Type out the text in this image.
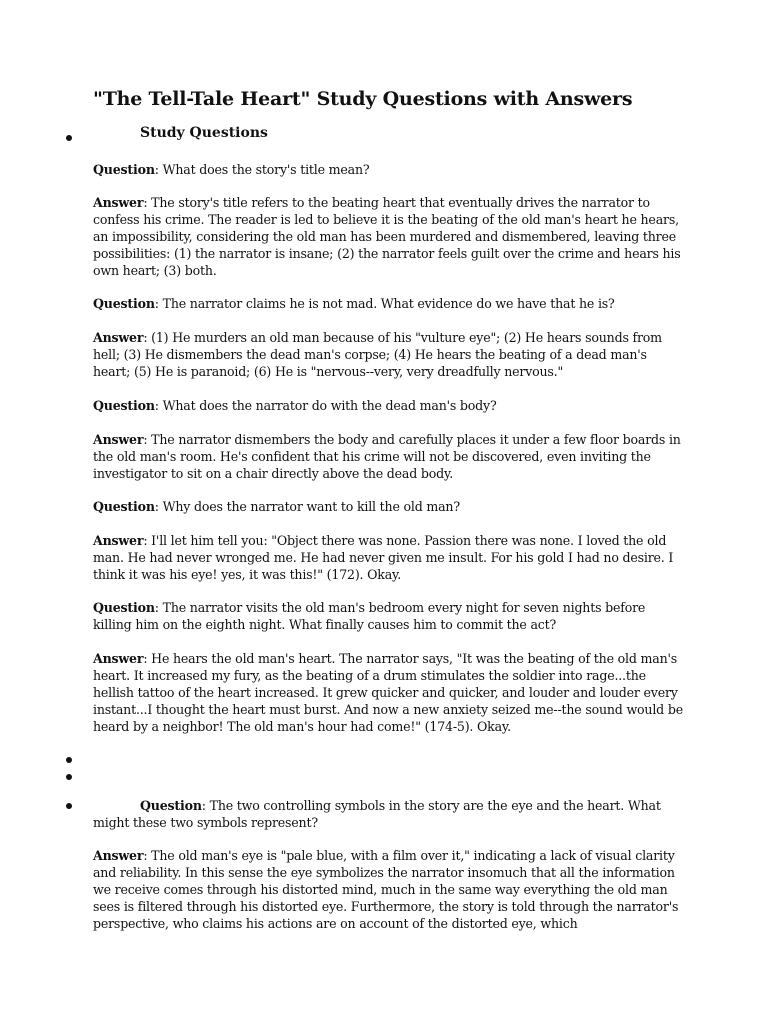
"The Tell-Tale Heart" Study Questions with Answers
Study Questions
Question: What does the story's title mean?
Answer: The story's title refers to the beating heart that eventually drives the narrator to confess his crime. The reader is led to believe it is the beating of the old man's heart he hears, an impossibility, considering the old man has been murdered and dismembered, leaving three possibilities: (1) the narrator is insane; (2) the narrator feels guilt over the crime and hears his own heart; (3) both.
Question: The narrator claims he is not mad. What evidence do we have that he is?
Answer: (1) He murders an old man because of his "vulture eye"; (2) He hears sounds from hell; (3) He dismembers the dead man's corpse; (4) He hears the beating of a dead man's heart; (5) He is paranoid; (6) He is "nervous--very, very dreadfully nervous."
Question: What does the narrator do with the dead man's body?
Answer: The narrator dismembers the body and carefully places it under a few floor boards in the old man's room. He's confident that his crime will not be discovered, even inviting the investigator to sit on a chair directly above the dead body.
Question: Why does the narrator want to kill the old man?
Answer: I'll let him tell you: "Object there was none. Passion there was none. I loved the old man. He had never wronged me. He had never given me insult. For his gold I had no desire. I think it was his eye! yes, it was this!" (172). Okay.
Question: The narrator visits the old man's bedroom every night for seven nights before killing him on the eighth night. What finally causes him to commit the act?
Answer: He hears the old man's heart. The narrator says, "It was the beating of the old man's heart. It increased my fury, as the beating of a drum stimulates the soldier into rage...the hellish tattoo of the heart increased. It grew quicker and quicker, and louder and louder every instant...I thought the heart must burst. And now a new anxiety seized me--the sound would be heard by a neighbor! The old man's hour had come!" (174-5). Okay.
Question: The two controlling symbols in the story are the eye and the heart. What might these two symbols represent?
Answer: The old man's eye is "pale blue, with a film over it," indicating a lack of visual clarity and reliability. In this sense the eye symbolizes the narrator insomuch that all the information we receive comes through his distorted mind, much in the same way everything the old man sees is filtered through his distorted eye. Furthermore, the story is told through the narrator's perspective, who claims his actions are on account of the distorted eye, which
